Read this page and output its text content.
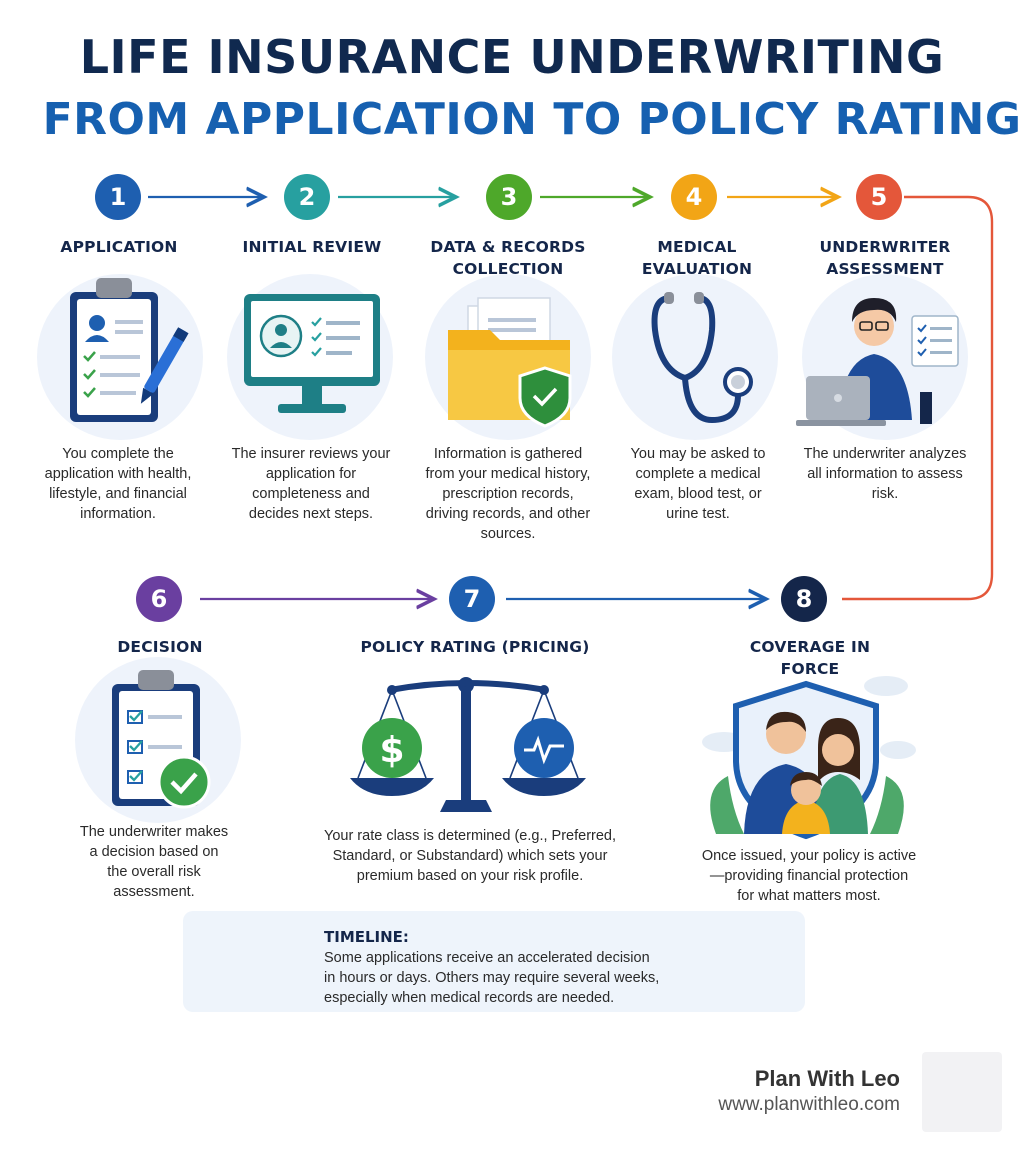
$
LIFE INSURANCE UNDERWRITING
FROM APPLICATION TO POLICY RATING
1	2	3	4	5
6	7	8
APPLICATION	INITIAL REVIEW	DATA & RECORDS COLLECTION
MEDICAL EVALUATION
UNDERWRITER ASSESSMENT
DECISION	POLICY RATING (PRICING)	COVERAGE IN FORCE
You complete the application with health, lifestyle, and financial information.
The insurer reviews your application for completeness and decides next steps.
Information is gathered from your medical history, prescription records, driving records, and other sources.
You may be asked to complete a medical exam, blood test, or urine test.
The underwriter analyzes all information to assess risk.
The underwriter makes a decision based on the overall risk assessment.
Your rate class is determined (e.g., Preferred, Standard, or Substandard) which sets your premium based on your risk profile.
Once issued, your policy is active—providing financial protection for what matters most.
TIMELINE:
Some applications receive an accelerated decision in hours or days. Others may require several weeks, especially when medical records are needed.
Plan With Leo
www.planwithleo.com
